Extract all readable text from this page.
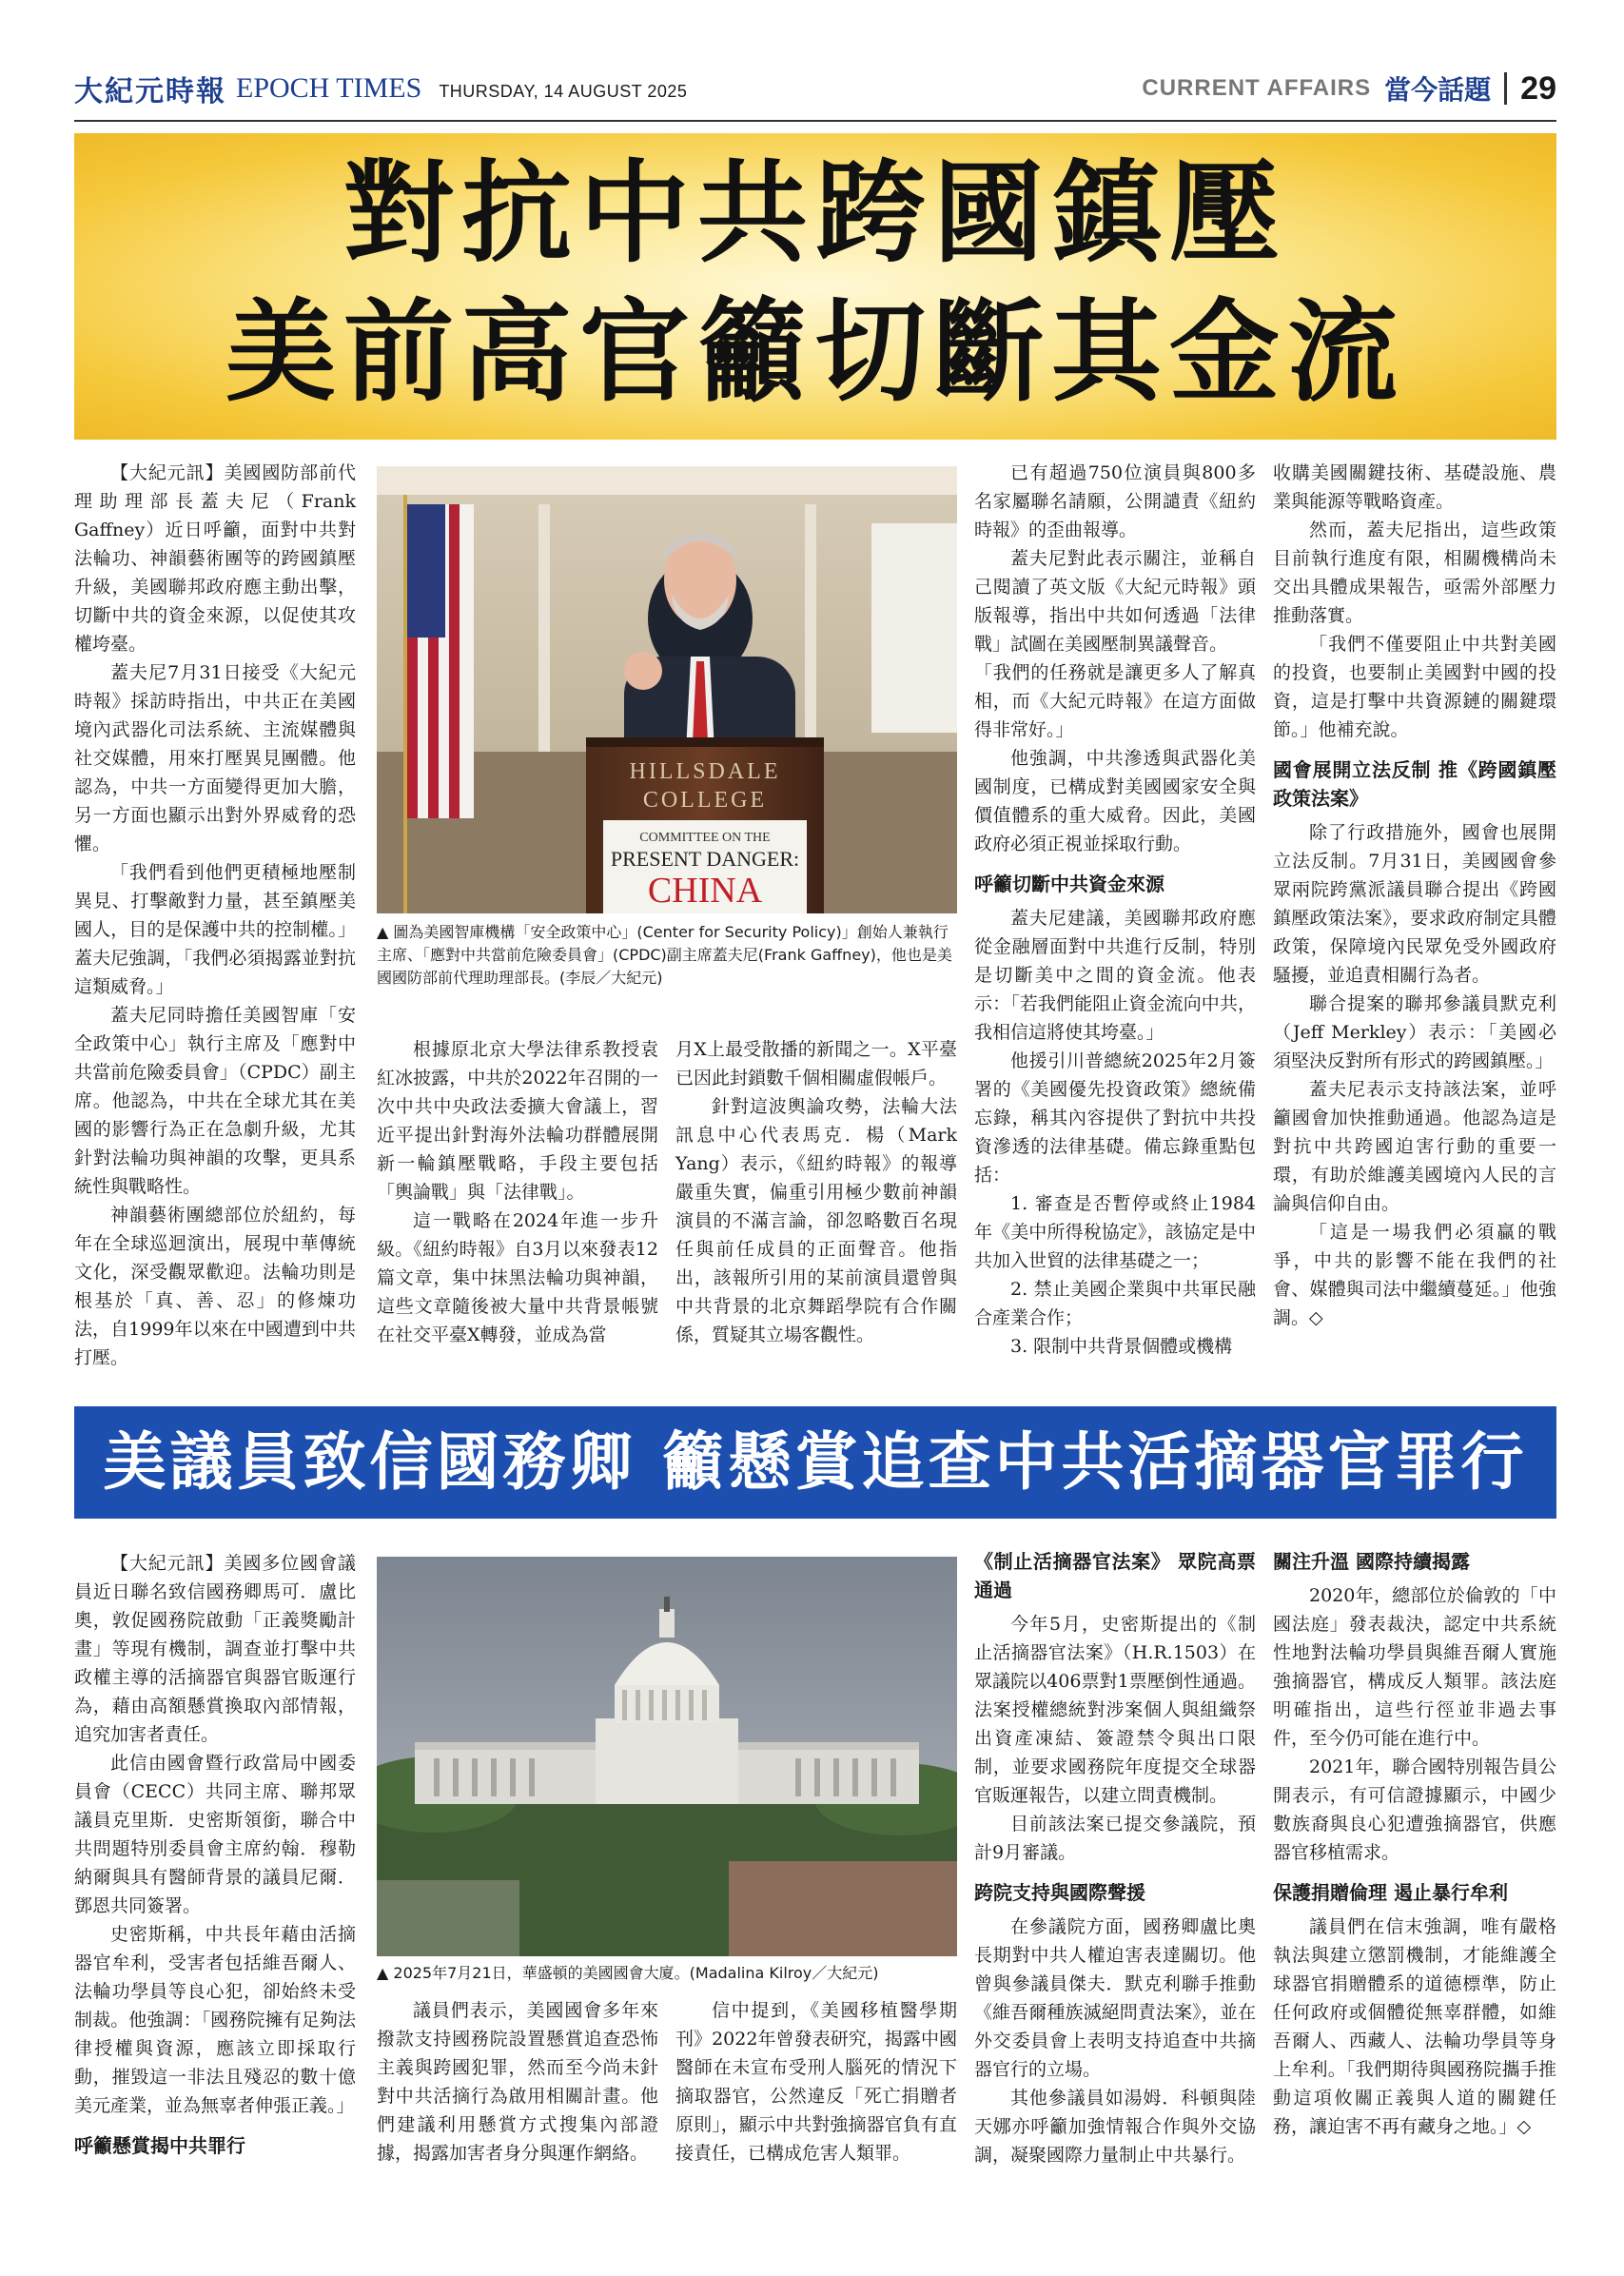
大紀元時報 EPOCH TIMES THURSDAY, 14 AUGUST 2025	CURRENT AFFAIRS 當今話題 29
對抗中共跨國鎮壓
美前高官籲切斷其金流

【大紀元訊】美國國防部前代理助理部長蓋夫尼（Frank Gaffney）近日呼籲，面對中共對法輪功、神韻藝術團等的跨國鎮壓升級，美國聯邦政府應主動出擊，切斷中共的資金來源，以促使其攻權垮臺。

蓋夫尼7月31日接受《大紀元時報》採訪時指出，中共正在美國境內武器化司法系統、主流媒體與社交媒體，用來打壓異見團體。他認為，中共一方面變得更加大膽，另一方面也顯示出對外界威脅的恐懼。

「我們看到他們更積極地壓制異見、打擊敵對力量，甚至鎮壓美國人，目的是保護中共的控制權。」蓋夫尼強調，「我們必須揭露並對抗這類威脅。」

蓋夫尼同時擔任美國智庫「安全政策中心」執行主席及「應對中共當前危險委員會」（CPDC）副主席。他認為，中共在全球尤其在美國的影響行為正在急劇升級，尤其針對法輪功與神韻的攻擊，更具系統性與戰略性。

神韻藝術團總部位於紐約，每年在全球巡迴演出，展現中華傳統文化，深受觀眾歡迎。法輪功則是根基於「真、善、忍」的修煉功法，自1999年以來在中國遭到中共打壓。

HILLSDALE
COLLEGE
COMMITTEE ON THE
PRESENT DANGER:
CHINA
▲ 圖為美國智庫機構「安全政策中心」(Center for Security Policy)」創始人兼執行主席、「應對中共當前危險委員會」(CPDC)副主席蓋夫尼(Frank Gaffney)，他也是美國國防部前代理助理部長。(李辰／大紀元)

根據原北京大學法律系教授袁紅冰披露，中共於2022年召開的一次中共中央政法委擴大會議上，習近平提出針對海外法輪功群體展開新一輪鎮壓戰略，手段主要包括「輿論戰」與「法律戰」。

這一戰略在2024年進一步升級。《紐約時報》自3月以來發表12篇文章，集中抹黑法輪功與神韻，這些文章隨後被大量中共背景帳號在社交平臺X轉發，並成為當

月X上最受散播的新聞之一。X平臺已因此封鎖數千個相關虛假帳戶。

針對這波輿論攻勢，法輪大法訊息中心代表馬克．楊（Mark Yang）表示，《紐約時報》的報導嚴重失實，偏重引用極少數前神韻演員的不滿言論，卻忽略數百名現任與前任成員的正面聲音。他指出，該報所引用的某前演員還曾與中共背景的北京舞蹈學院有合作關係，質疑其立場客觀性。

已有超過750位演員與800多名家屬聯名請願，公開譴責《紐約時報》的歪曲報導。

蓋夫尼對此表示關注，並稱自己閱讀了英文版《大紀元時報》頭版報導，指出中共如何透過「法律戰」試圖在美國壓制異議聲音。

「我們的任務就是讓更多人了解真相，而《大紀元時報》在這方面做得非常好。」

他強調，中共滲透與武器化美國制度，已構成對美國國家安全與價值體系的重大威脅。因此，美國政府必須正視並採取行動。

呼籲切斷中共資金來源

蓋夫尼建議，美國聯邦政府應從金融層面對中共進行反制，特別是切斷美中之間的資金流。他表示：「若我們能阻止資金流向中共，我相信這將使其垮臺。」

他援引川普總統2025年2月簽署的《美國優先投資政策》總統備忘錄，稱其內容提供了對抗中共投資滲透的法律基礎。備忘錄重點包括：

1. 審查是否暫停或終止1984年《美中所得稅協定》，該協定是中共加入世貿的法律基礎之一；

2. 禁止美國企業與中共軍民融合產業合作；

3. 限制中共背景個體或機構

收購美國關鍵技術、基礎設施、農業與能源等戰略資產。

然而，蓋夫尼指出，這些政策目前執行進度有限，相關機構尚未交出具體成果報告，亟需外部壓力推動落實。

「我們不僅要阻止中共對美國的投資，也要制止美國對中國的投資，這是打擊中共資源鏈的關鍵環節。」他補充說。

國會展開立法反制 推《跨國鎮壓政策法案》

除了行政措施外，國會也展開立法反制。7月31日，美國國會參眾兩院跨黨派議員聯合提出《跨國鎮壓政策法案》，要求政府制定具體政策，保障境內民眾免受外國政府騷擾，並追責相關行為者。

聯合提案的聯邦參議員默克利（Jeff Merkley）表示：「美國必須堅決反對所有形式的跨國鎮壓。」

蓋夫尼表示支持該法案，並呼籲國會加快推動通過。他認為這是對抗中共跨國迫害行動的重要一環，有助於維護美國境內人民的言論與信仰自由。

「這是一場我們必須贏的戰爭，中共的影響不能在我們的社會、媒體與司法中繼續蔓延。」他強調。◇

美議員致信國務卿 籲懸賞追查中共活摘器官罪行

【大紀元訊】美國多位國會議員近日聯名致信國務卿馬可．盧比奧，敦促國務院啟動「正義獎勵計畫」等現有機制，調查並打擊中共政權主導的活摘器官與器官販運行為，藉由高額懸賞換取內部情報，追究加害者責任。

此信由國會暨行政當局中國委員會（CECC）共同主席、聯邦眾議員克里斯．史密斯領銜，聯合中共問題特別委員會主席約翰．穆勒納爾與具有醫師背景的議員尼爾．鄧恩共同簽署。

史密斯稱，中共長年藉由活摘器官牟利，受害者包括維吾爾人、法輪功學員等良心犯，卻始終未受制裁。他強調：「國務院擁有足夠法律授權與資源，應該立即採取行動，摧毀這一非法且殘忍的數十億美元產業，並為無辜者伸張正義。」

呼籲懸賞揭中共罪行
▲ 2025年7月21日，華盛頓的美國國會大廈。(Madalina Kilroy／大紀元)

議員們表示，美國國會多年來撥款支持國務院設置懸賞追查恐怖主義與跨國犯罪，然而至今尚未針對中共活摘行為啟用相關計畫。他們建議利用懸賞方式搜集內部證據，揭露加害者身分與運作網絡。

信中提到，《美國移植醫學期刊》2022年曾發表研究，揭露中國醫師在未宣布受刑人腦死的情況下摘取器官，公然違反「死亡捐贈者原則」，顯示中共對強摘器官負有直接責任，已構成危害人類罪。

《制止活摘器官法案》 眾院高票通過

今年5月，史密斯提出的《制止活摘器官法案》（H.R.1503）在眾議院以406票對1票壓倒性通過。法案授權總統對涉案個人與組織祭出資產凍結、簽證禁令與出口限制，並要求國務院年度提交全球器官販運報告，以建立問責機制。

目前該法案已提交參議院，預計9月審議。

跨院支持與國際聲援

在參議院方面，國務卿盧比奧長期對中共人權迫害表達關切。他曾與參議員傑夫．默克利聯手推動《維吾爾種族滅絕問責法案》，並在外交委員會上表明支持追查中共摘器官行的立場。

其他參議員如湯姆．科頓與陸天娜亦呼籲加強情報合作與外交協調，凝聚國際力量制止中共暴行。

關注升溫 國際持續揭露

2020年，總部位於倫敦的「中國法庭」發表裁決，認定中共系統性地對法輪功學員與維吾爾人實施強摘器官，構成反人類罪。該法庭明確指出，這些行徑並非過去事件，至今仍可能在進行中。

2021年，聯合國特別報告員公開表示，有可信證據顯示，中國少數族裔與良心犯遭強摘器官，供應器官移植需求。

保護捐贈倫理 遏止暴行牟利

議員們在信末強調，唯有嚴格執法與建立懲罰機制，才能維護全球器官捐贈體系的道德標準，防止任何政府或個體從無辜群體，如維吾爾人、西藏人、法輪功學員等身上牟利。「我們期待與國務院攜手推動這項攸關正義與人道的關鍵任務，讓迫害不再有藏身之地。」◇
